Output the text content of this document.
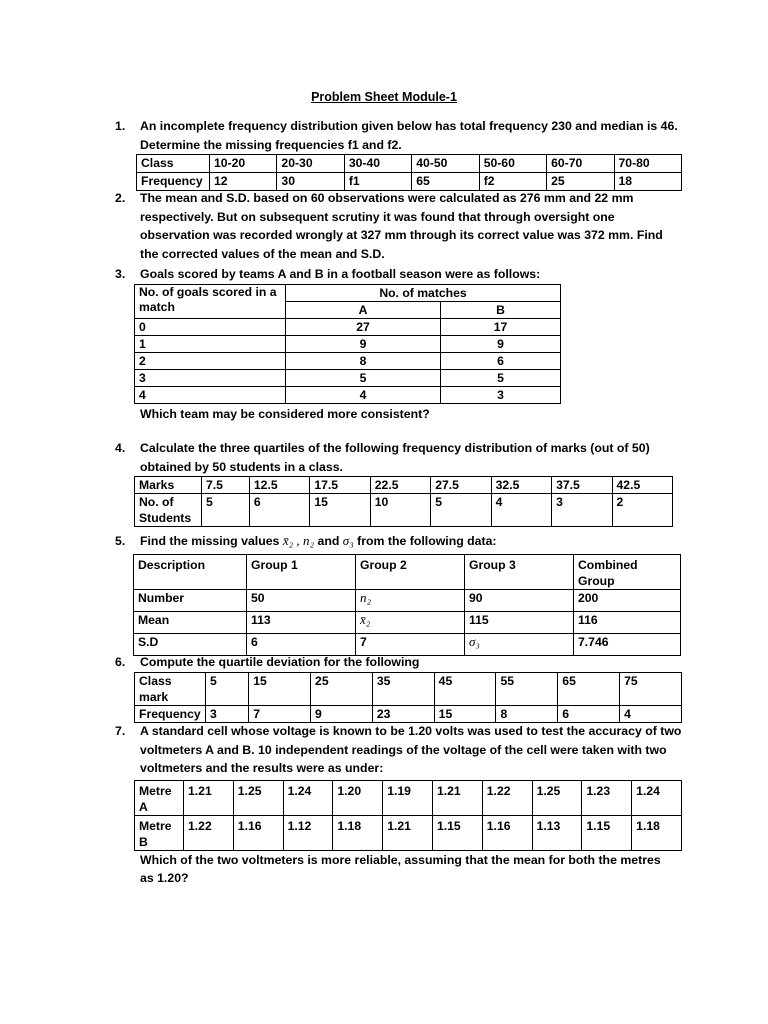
Problem Sheet Module-1
1. An incomplete frequency distribution given below has total frequency 230 and median is 46.

Determine the missing frequencies f1 and f2.

Class	10-20	20-30	30-40	40-50	50-60	60-70	70-80
Frequency	12	30	f1	65	f2	25	18
2. The mean and S.D. based on 60 observations were calculated as 276 mm and 22 mm

respectively. But on subsequent scrutiny it was found that through oversight one

observation was recorded wrongly at 327 mm through its correct value was 372 mm. Find

the corrected values of the mean and S.D.

3. Goals scored by teams A and B in a football season were as follows:

No. of goals scored in a match	No. of matches	
	A	B
0	27	17
1	9	9
2	8	6
3	5	5
4	4	3

Which team may be considered more consistent?

4. Calculate the three quartiles of the following frequency distribution of marks (out of 50)

obtained by 50 students in a class.

Marks	7.5	12.5	17.5	22.5	27.5	32.5	37.5	42.5
No. of Students	5	6	15	10	5	4	3	2
5. Find the missing values x̄₂ , n₂ and σ₃ from the following data:

Description	Group 1	Group 2	Group 3	Combined Group
Number	50	n₂	90	200
Mean	113	x̄₂	115	116
S.D	6	7	σ₃	7.746
6. Compute the quartile deviation for the following

Class mark	5	15	25	35	45	55	65	75
Frequency	3	7	9	23	15	8	6	4
7. A standard cell whose voltage is known to be 1.20 volts was used to test the accuracy of two

voltmeters A and B. 10 independent readings of the voltage of the cell were taken with two

voltmeters and the results were as under:

Metre A	1.21	1.25	1.24	1.20	1.19	1.21	1.22	1.25	1.23	1.24
Metre B	1.22	1.16	1.12	1.18	1.21	1.15	1.16	1.13	1.15	1.18

Which of the two voltmeters is more reliable, assuming that the mean for both the metres

as 1.20?
